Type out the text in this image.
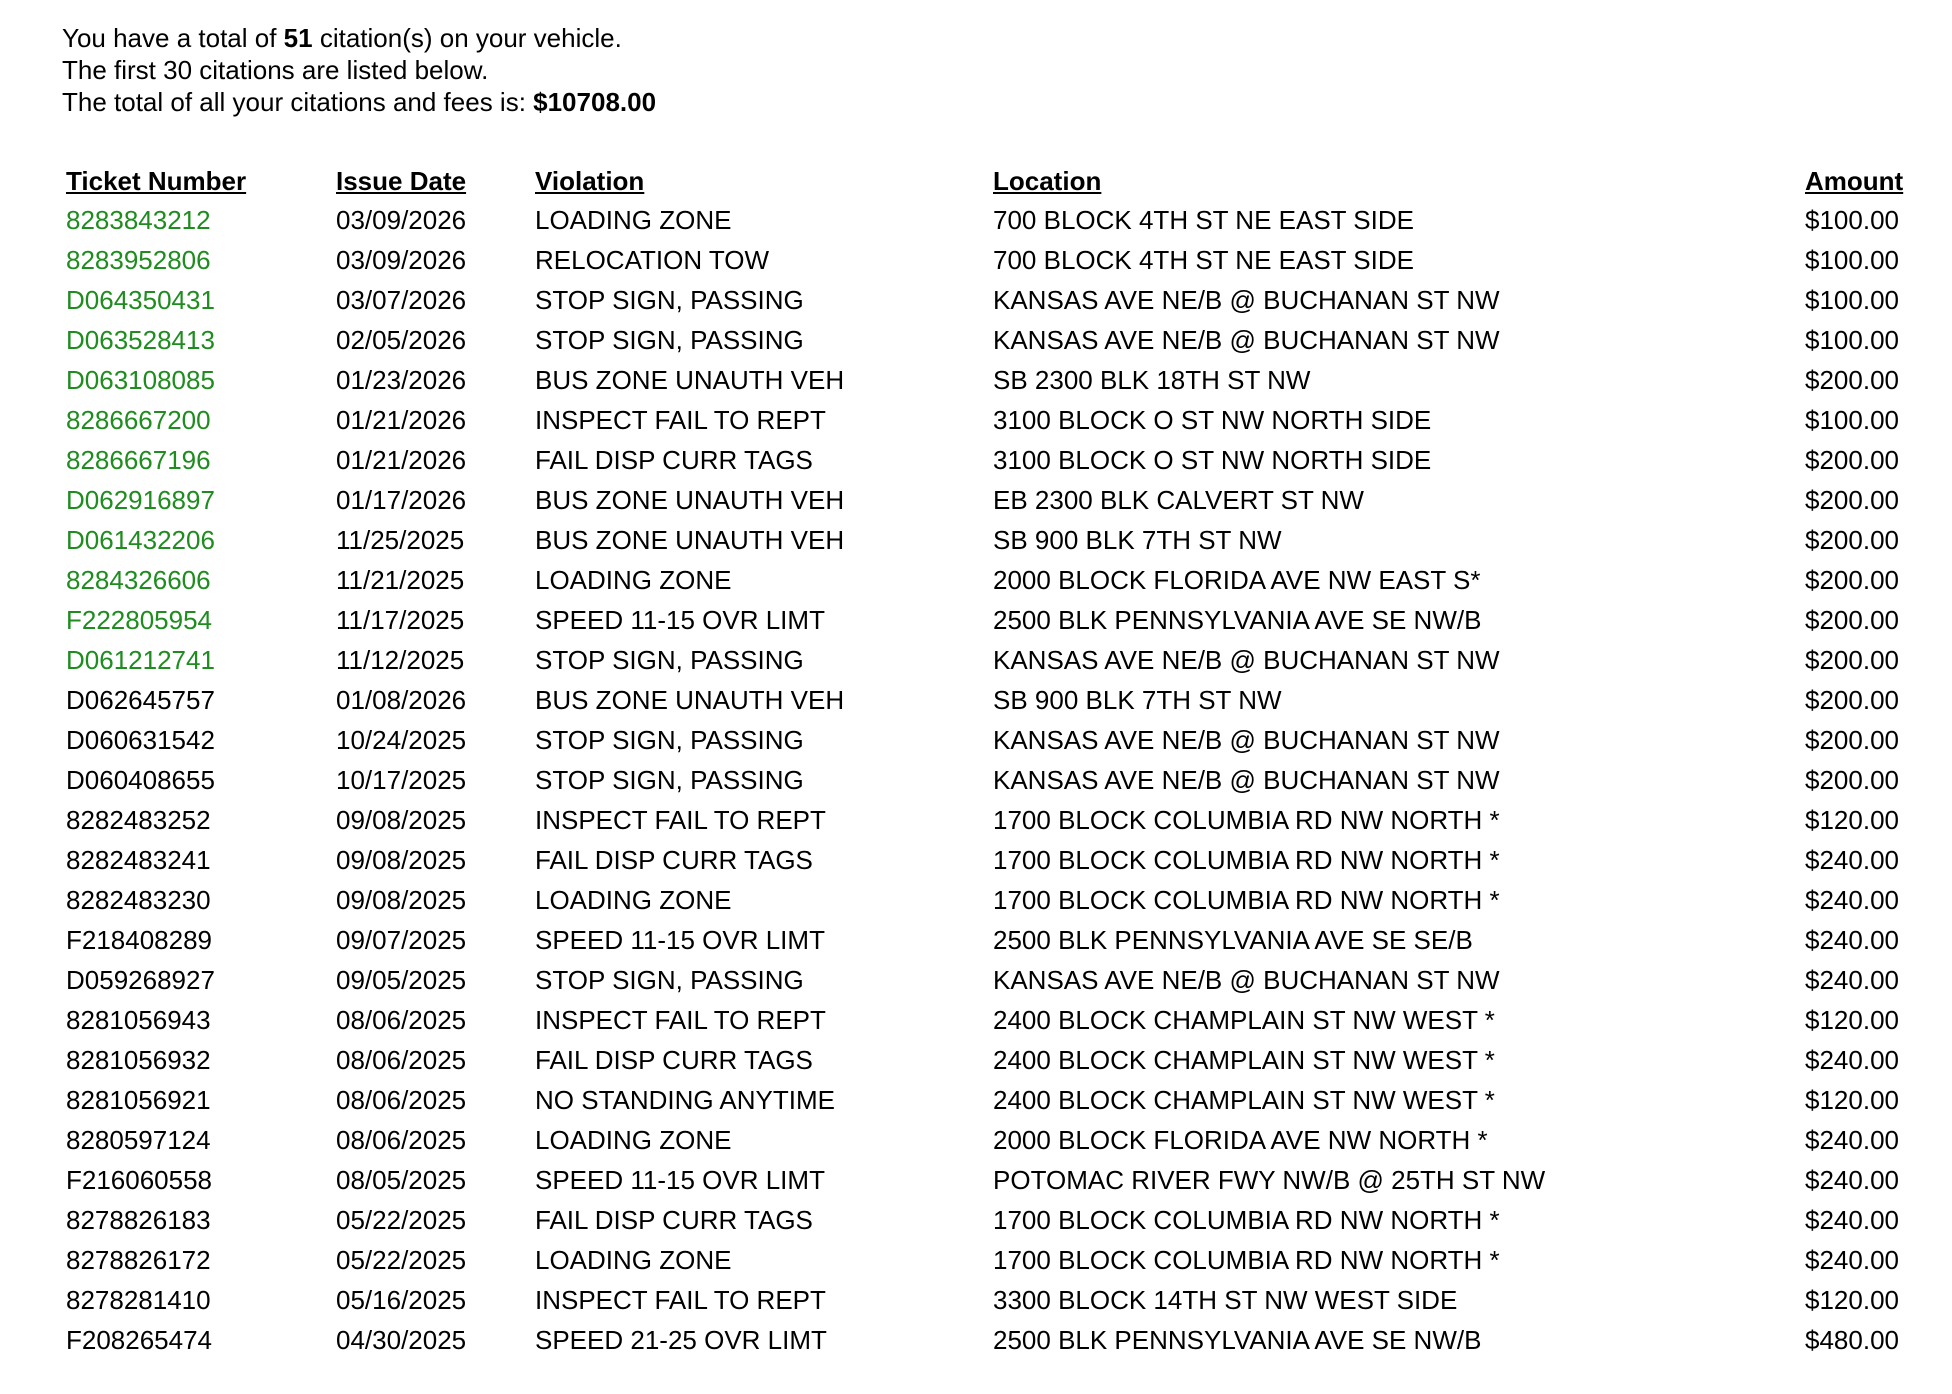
You have a total of 51 citation(s) on your vehicle.
The first 30 citations are listed below.
The total of all your citations and fees is: $10708.00
Ticket Number	Issue Date	Violation	Location	Amount
8283843212	03/09/2026	LOADING ZONE	700 BLOCK 4TH ST NE EAST SIDE	$100.00
8283952806	03/09/2026	RELOCATION TOW	700 BLOCK 4TH ST NE EAST SIDE	$100.00
D064350431	03/07/2026	STOP SIGN, PASSING	KANSAS AVE NE/B @ BUCHANAN ST NW	$100.00
D063528413	02/05/2026	STOP SIGN, PASSING	KANSAS AVE NE/B @ BUCHANAN ST NW	$100.00
D063108085	01/23/2026	BUS ZONE UNAUTH VEH	SB 2300 BLK 18TH ST NW	$200.00
8286667200	01/21/2026	INSPECT FAIL TO REPT	3100 BLOCK O ST NW NORTH SIDE	$100.00
8286667196	01/21/2026	FAIL DISP CURR TAGS	3100 BLOCK O ST NW NORTH SIDE	$200.00
D062916897	01/17/2026	BUS ZONE UNAUTH VEH	EB 2300 BLK CALVERT ST NW	$200.00
D061432206	11/25/2025	BUS ZONE UNAUTH VEH	SB 900 BLK 7TH ST NW	$200.00
8284326606	11/21/2025	LOADING ZONE	2000 BLOCK FLORIDA AVE NW EAST S*	$200.00
F222805954	11/17/2025	SPEED 11-15 OVR LIMT	2500 BLK PENNSYLVANIA AVE SE NW/B	$200.00
D061212741	11/12/2025	STOP SIGN, PASSING	KANSAS AVE NE/B @ BUCHANAN ST NW	$200.00
D062645757	01/08/2026	BUS ZONE UNAUTH VEH	SB 900 BLK 7TH ST NW	$200.00
D060631542	10/24/2025	STOP SIGN, PASSING	KANSAS AVE NE/B @ BUCHANAN ST NW	$200.00
D060408655	10/17/2025	STOP SIGN, PASSING	KANSAS AVE NE/B @ BUCHANAN ST NW	$200.00
8282483252	09/08/2025	INSPECT FAIL TO REPT	1700 BLOCK COLUMBIA RD NW NORTH *	$120.00
8282483241	09/08/2025	FAIL DISP CURR TAGS	1700 BLOCK COLUMBIA RD NW NORTH *	$240.00
8282483230	09/08/2025	LOADING ZONE	1700 BLOCK COLUMBIA RD NW NORTH *	$240.00
F218408289	09/07/2025	SPEED 11-15 OVR LIMT	2500 BLK PENNSYLVANIA AVE SE SE/B	$240.00
D059268927	09/05/2025	STOP SIGN, PASSING	KANSAS AVE NE/B @ BUCHANAN ST NW	$240.00
8281056943	08/06/2025	INSPECT FAIL TO REPT	2400 BLOCK CHAMPLAIN ST NW WEST *	$120.00
8281056932	08/06/2025	FAIL DISP CURR TAGS	2400 BLOCK CHAMPLAIN ST NW WEST *	$240.00
8281056921	08/06/2025	NO STANDING ANYTIME	2400 BLOCK CHAMPLAIN ST NW WEST *	$120.00
8280597124	08/06/2025	LOADING ZONE	2000 BLOCK FLORIDA AVE NW NORTH *	$240.00
F216060558	08/05/2025	SPEED 11-15 OVR LIMT	POTOMAC RIVER FWY NW/B @ 25TH ST NW	$240.00
8278826183	05/22/2025	FAIL DISP CURR TAGS	1700 BLOCK COLUMBIA RD NW NORTH *	$240.00
8278826172	05/22/2025	LOADING ZONE	1700 BLOCK COLUMBIA RD NW NORTH *	$240.00
8278281410	05/16/2025	INSPECT FAIL TO REPT	3300 BLOCK 14TH ST NW WEST SIDE	$120.00
F208265474	04/30/2025	SPEED 21-25 OVR LIMT	2500 BLK PENNSYLVANIA AVE SE NW/B	$480.00
